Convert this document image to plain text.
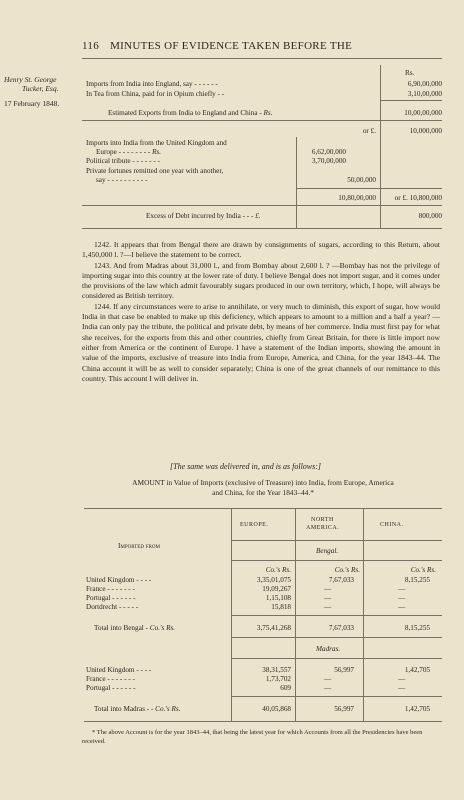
116 MINUTES OF EVIDENCE TAKEN BEFORE THE
Henry St. George
Tucker, Esq.
17 February 1848.
Rs.
Imports from India into England, say - - - - - -	6,90,00,000
In Tea from China, paid for in Opium chiefly - -	3,10,00,000
Estimated Exports from India to England and China - Rs.	10,00,00,000
or £.	10,000,000
Imports into India from the United Kingdom and
Europe - - - - - - - - Rs.	6,62,00,000
Political tribute - - - - - - -	3,70,00,000
Private fortunes remitted one year with another,
say - - - - - - - - - -	50,00,000
10,80,00,000	or £. 10,800,000
Excess of Debt incurred by India - - - £.	800,000

1242. It appears that from Bengal there are drawn by consignments of sugars, according to this Return, about 1,450,000 l. ?—I believe the statement to be correct.

1243. And from Madras about 31,000 l., and from Bombay about 2,600 l. ? —Bombay has not the privilege of importing sugar into this country at the lower rate of duty. I believe Bengal does not import sugar, and it comes under the provisions of the law which admit favourably sugars produced in our own territory, which, I hope, will always be considered as British territory.

1244. If any circumstances were to arise to annihilate, or very much to diminish, this export of sugar, how would India in that case be enabled to make up this deficiency, which appears to amount to a million and a half a year? —India can only pay the tribute, the political and private debt, by means of her commerce. India must first pay for what she receives, for the exports from this and other countries, chiefly from Great Britain, for there is little import now either from America or the continent of Europe. I have a statement of the Indian imports, showing the amount in value of the imports, exclusive of treasure into India from Europe, America, and China, for the year 1843–44. The China account it will be as well to consider separately; China is one of the great channels of our remittance to this country. This account I will deliver in.

[The same was delivered in, and is as follows:]
AMOUNT in Value of Imports (exclusive of Treasure) into India, from Europe, America
and China, for the Year 1843–44.*
EUROPE.
NORTH
AMERICA.	CHINA.
Imported from
Bengal.
Co.'s Rs.	Co.'s Rs.	Co.'s Rs.
United Kingdom - - - -	3,35,01,075	7,67,033	8,15,255
France - - - - - - -	19,09,267	—	—
Portugal - - - - - -	1,15,108	—	—
Dortdrecht - - - - -	15,818	—	—
Total into Bengal - Co.'s Rs.	3,75,41,268	7,67,033	8,15,255
Madras.
United Kingdom - - - -	38,31,557	56,997	1,42,705
France - - - - - - -	1,73,702	—	—
Portugal - - - - - -	609	—	—
Total into Madras - - Co.'s Rs.	40,05,868	56,997	1,42,705
* The above Account is for the year 1843–44, that being the latest year for which Accounts from all the Presidencies have been received.
